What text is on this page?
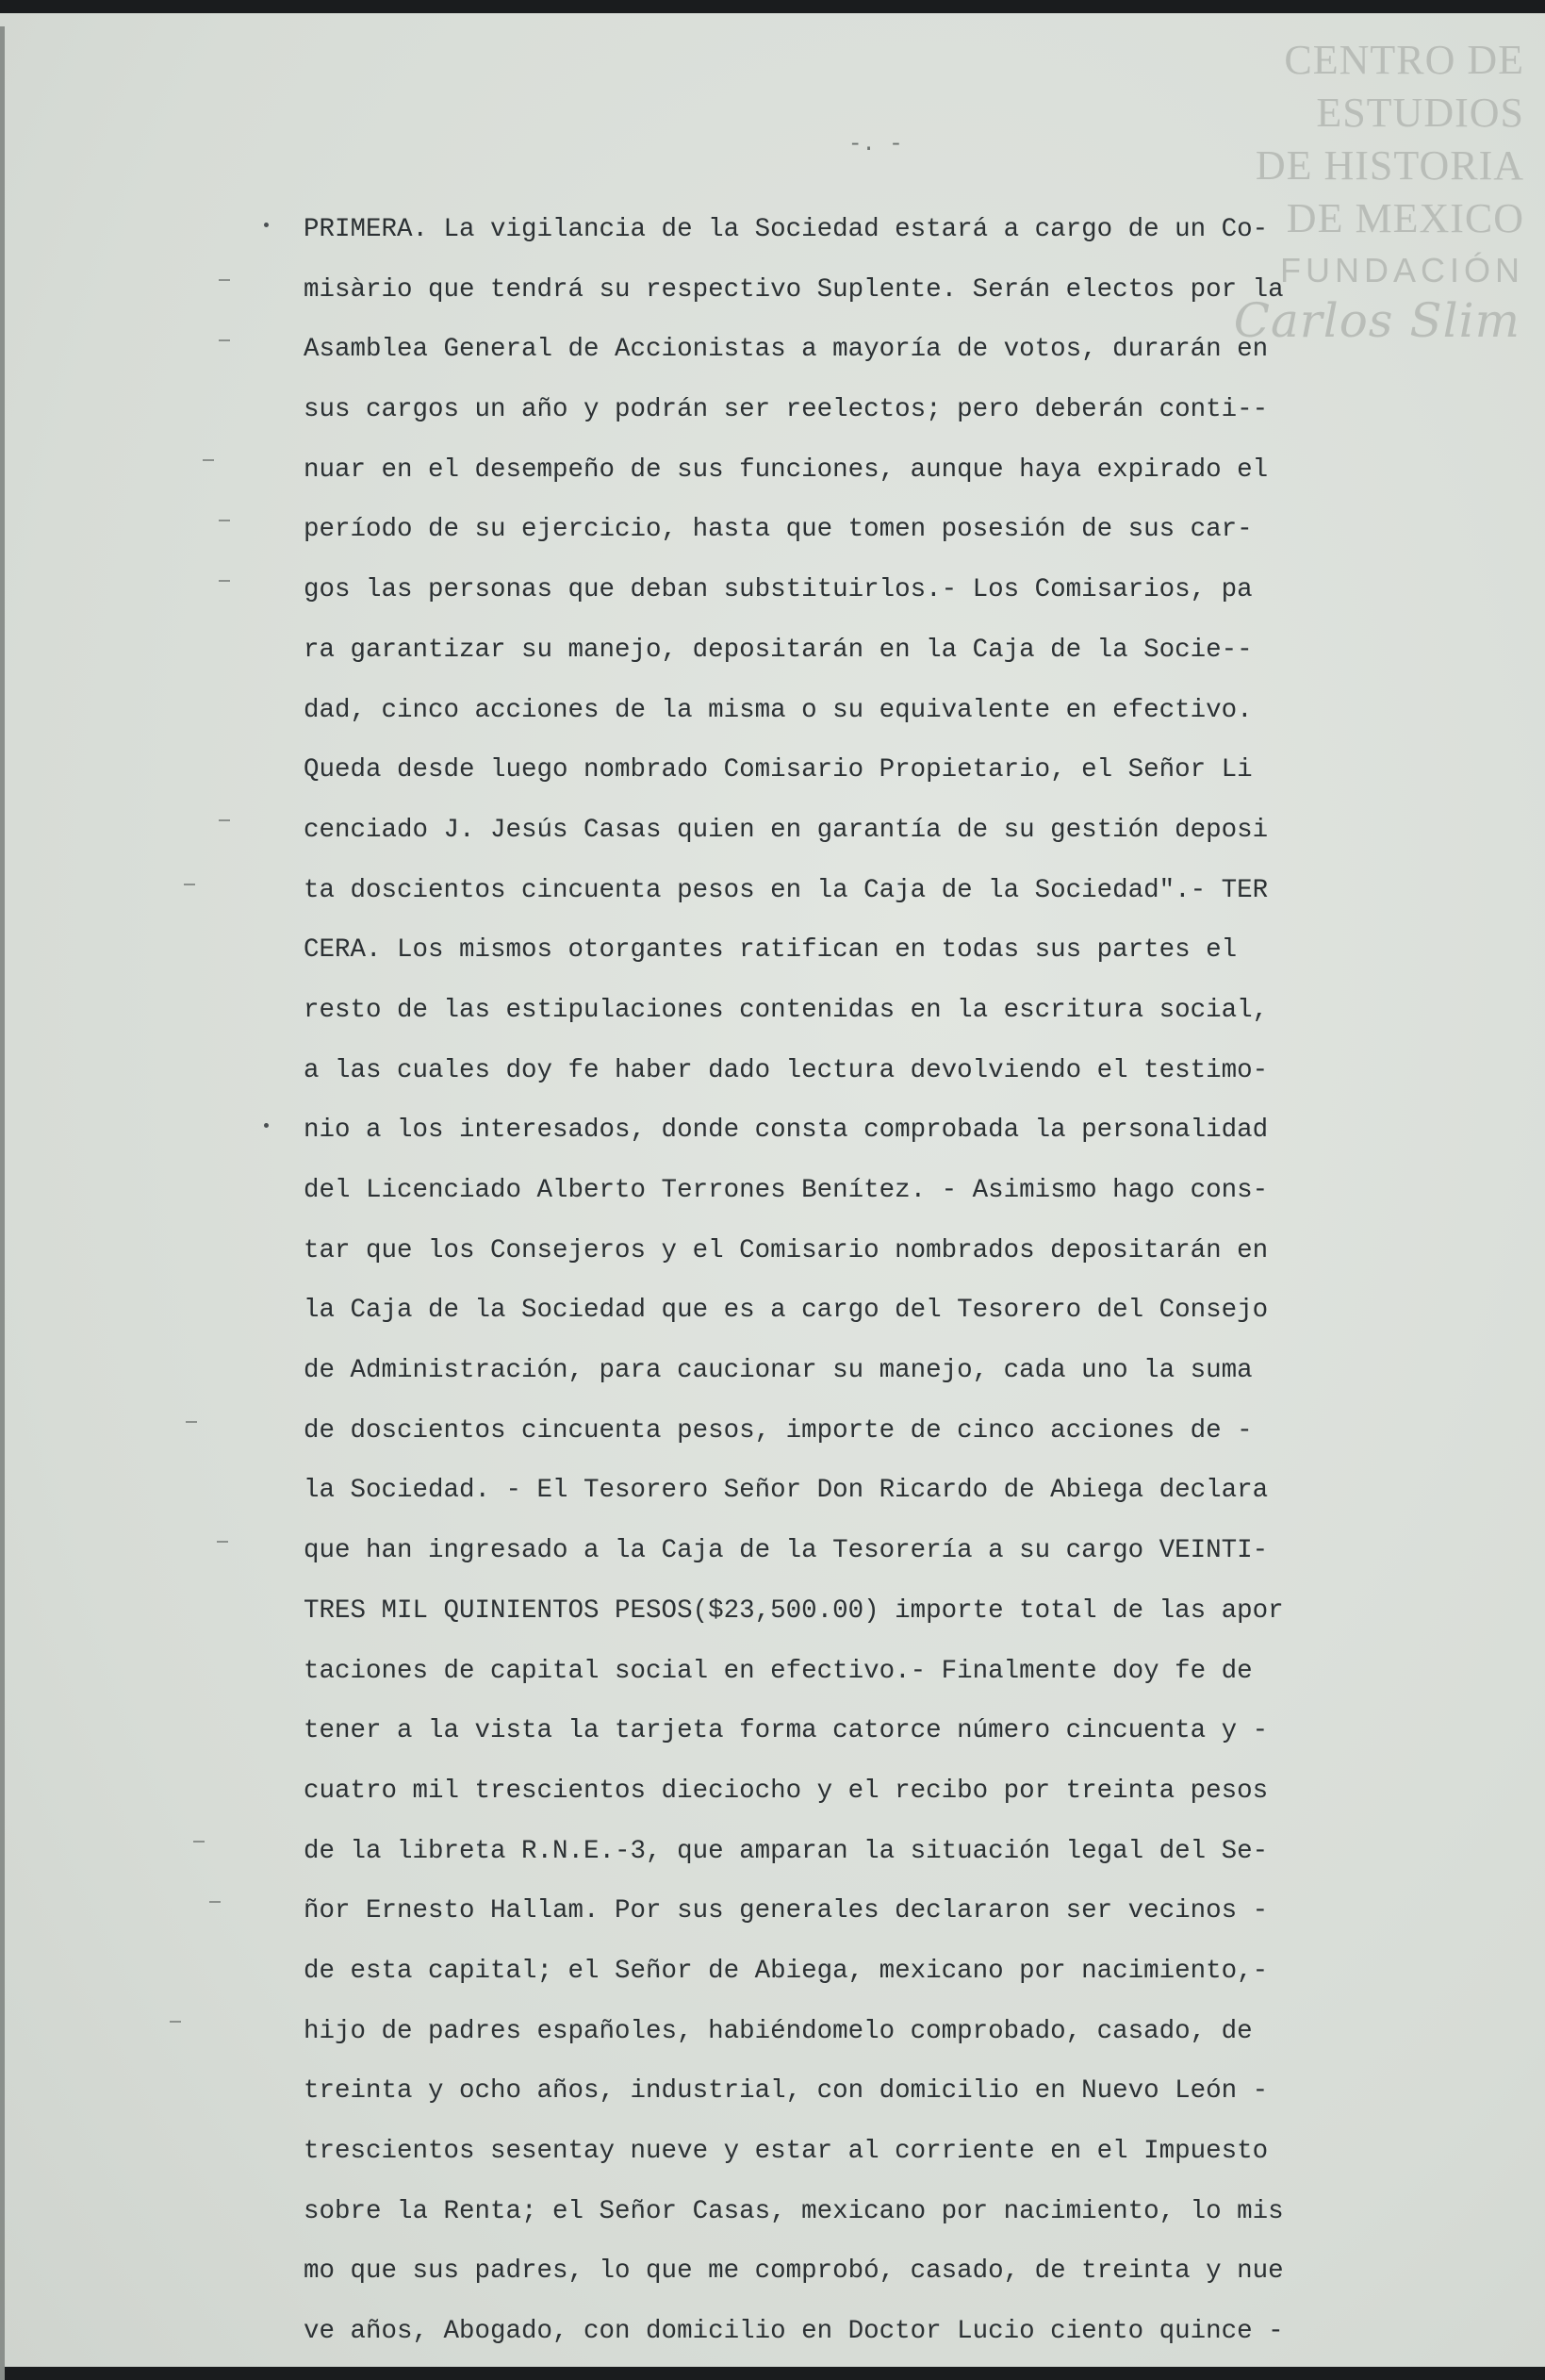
CENTRO DE
ESTUDIOS
DE HISTORIA
DE MEXICO
FUNDACIÓN
Carlos Slim
-. -
PRIMERA. La vigilancia de la Sociedad estará a cargo de un Co-
misàrio que tendrá su respectivo Suplente. Serán electos por la
Asamblea General de Accionistas a mayoría de votos, durarán en
sus cargos un año y podrán ser reelectos; pero deberán conti--
nuar en el desempeño de sus funciones, aunque haya expirado el
período de su ejercicio, hasta que tomen posesión de sus car-
gos las personas que deban substituirlos.- Los Comisarios, pa
ra garantizar su manejo, depositarán en la Caja de la Socie--
dad, cinco acciones de la misma o su equivalente en efectivo.
Queda desde luego nombrado Comisario Propietario, el Señor Li
cenciado J. Jesús Casas quien en garantía de su gestión deposi
ta doscientos cincuenta pesos en la Caja de la Sociedad".- TER
CERA. Los mismos otorgantes ratifican en todas sus partes el
resto de las estipulaciones contenidas en la escritura social,
a las cuales doy fe haber dado lectura devolviendo el testimo-
nio a los interesados, donde consta comprobada la personalidad
del Licenciado Alberto Terrones Benítez. - Asimismo hago cons-
tar que los Consejeros y el Comisario nombrados depositarán en
la Caja de la Sociedad que es a cargo del Tesorero del Consejo
de Administración, para caucionar su manejo, cada uno la suma
de doscientos cincuenta pesos, importe de cinco acciones de -
la Sociedad. - El Tesorero Señor Don Ricardo de Abiega declara
que han ingresado a la Caja de la Tesorería a su cargo VEINTI-
TRES MIL QUINIENTOS PESOS($23,500.00) importe total de las apor
taciones de capital social en efectivo.- Finalmente doy fe de
tener a la vista la tarjeta forma catorce número cincuenta y -
cuatro mil trescientos dieciocho y el recibo por treinta pesos
de la libreta R.N.E.-3, que amparan la situación legal del Se-
ñor Ernesto Hallam. Por sus generales declararon ser vecinos -
de esta capital; el Señor de Abiega, mexicano por nacimiento,-
hijo de padres españoles, habiéndomelo comprobado, casado, de
treinta y ocho años, industrial, con domicilio en Nuevo León -
trescientos sesentay nueve y estar al corriente en el Impuesto
sobre la Renta; el Señor Casas, mexicano por nacimiento, lo mis
mo que sus padres, lo que me comprobó, casado, de treinta y nue
ve años, Abogado, con domicilio en Doctor Lucio ciento quince -
